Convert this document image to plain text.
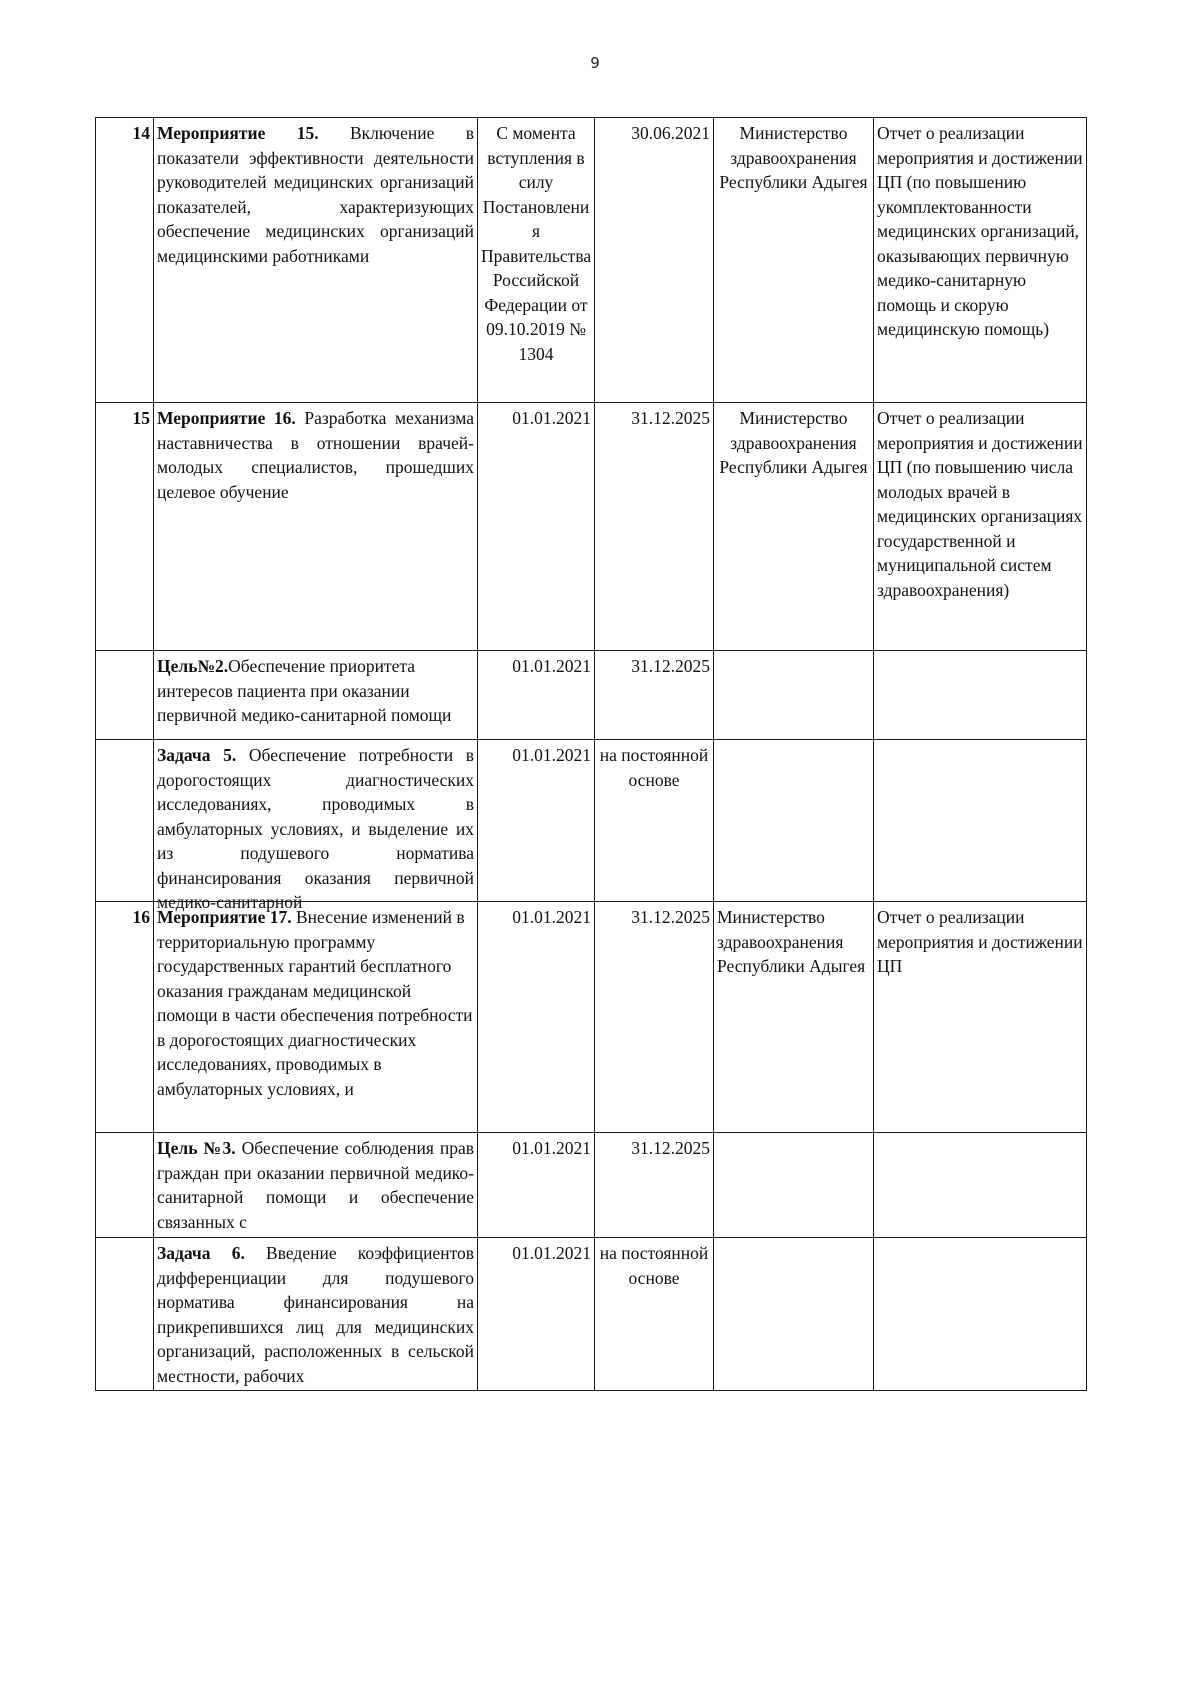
9
14	Мероприятие 15. Включение в показатели эффективности деятельности руководителей медицинских организаций показателей, характеризующих обеспечение медицинских организаций медицинскими работниками	С момента вступления в силу Постановлени я Правительства Российской Федерации от 09.10.2019 № 1304	30.06.2021	Министерство здравоохранения Республики Адыгея	Отчет о реализации мероприятия и достижении ЦП (по повышению укомплектованности медицинских организаций, оказывающих первичную медико-санитарную помощь и скорую медицинскую помощь)

15	Мероприятие 16. Разработка механизма наставничества в отношении врачей-молодых специалистов, прошедших целевое обучение	01.01.2021	31.12.2025	Министерство здравоохранения Республики Адыгея	Отчет о реализации мероприятия и достижении ЦП (по повышению числа молодых врачей в медицинских организациях государственной и муниципальной систем здравоохранения)

	Цель№2.Обеспечение приоритета интересов пациента при оказании первичной медико-санитарной помощи	01.01.2021	31.12.2025		

	Задача 5. Обеспечение потребности в дорогостоящих диагностических исследованиях, проводимых в амбулаторных условиях, и выделение их из подушевого норматива финансирования оказания первичной медико-санитарной	01.01.2021	на постоянной основе		
16	Мероприятие 17. Внесение изменений в территориальную программу государственных гарантий бесплатного оказания гражданам медицинской помощи в части обеспечения потребности в дорогостоящих диагностических исследованиях, проводимых в амбулаторных условиях, и	01.01.2021	31.12.2025	Министерство здравоохранения Республики Адыгея	Отчет о реализации мероприятия и достижении ЦП

	Цель №3. Обеспечение соблюдения прав граждан при оказании первичной медико-санитарной помощи и обеспечение связанных с	01.01.2021	31.12.2025		

	Задача 6. Введение коэффициентов дифференциации для подушевого норматива финансирования на прикрепившихся лиц для медицинских организаций, расположенных в сельской местности, рабочих	01.01.2021	на постоянной основе		
